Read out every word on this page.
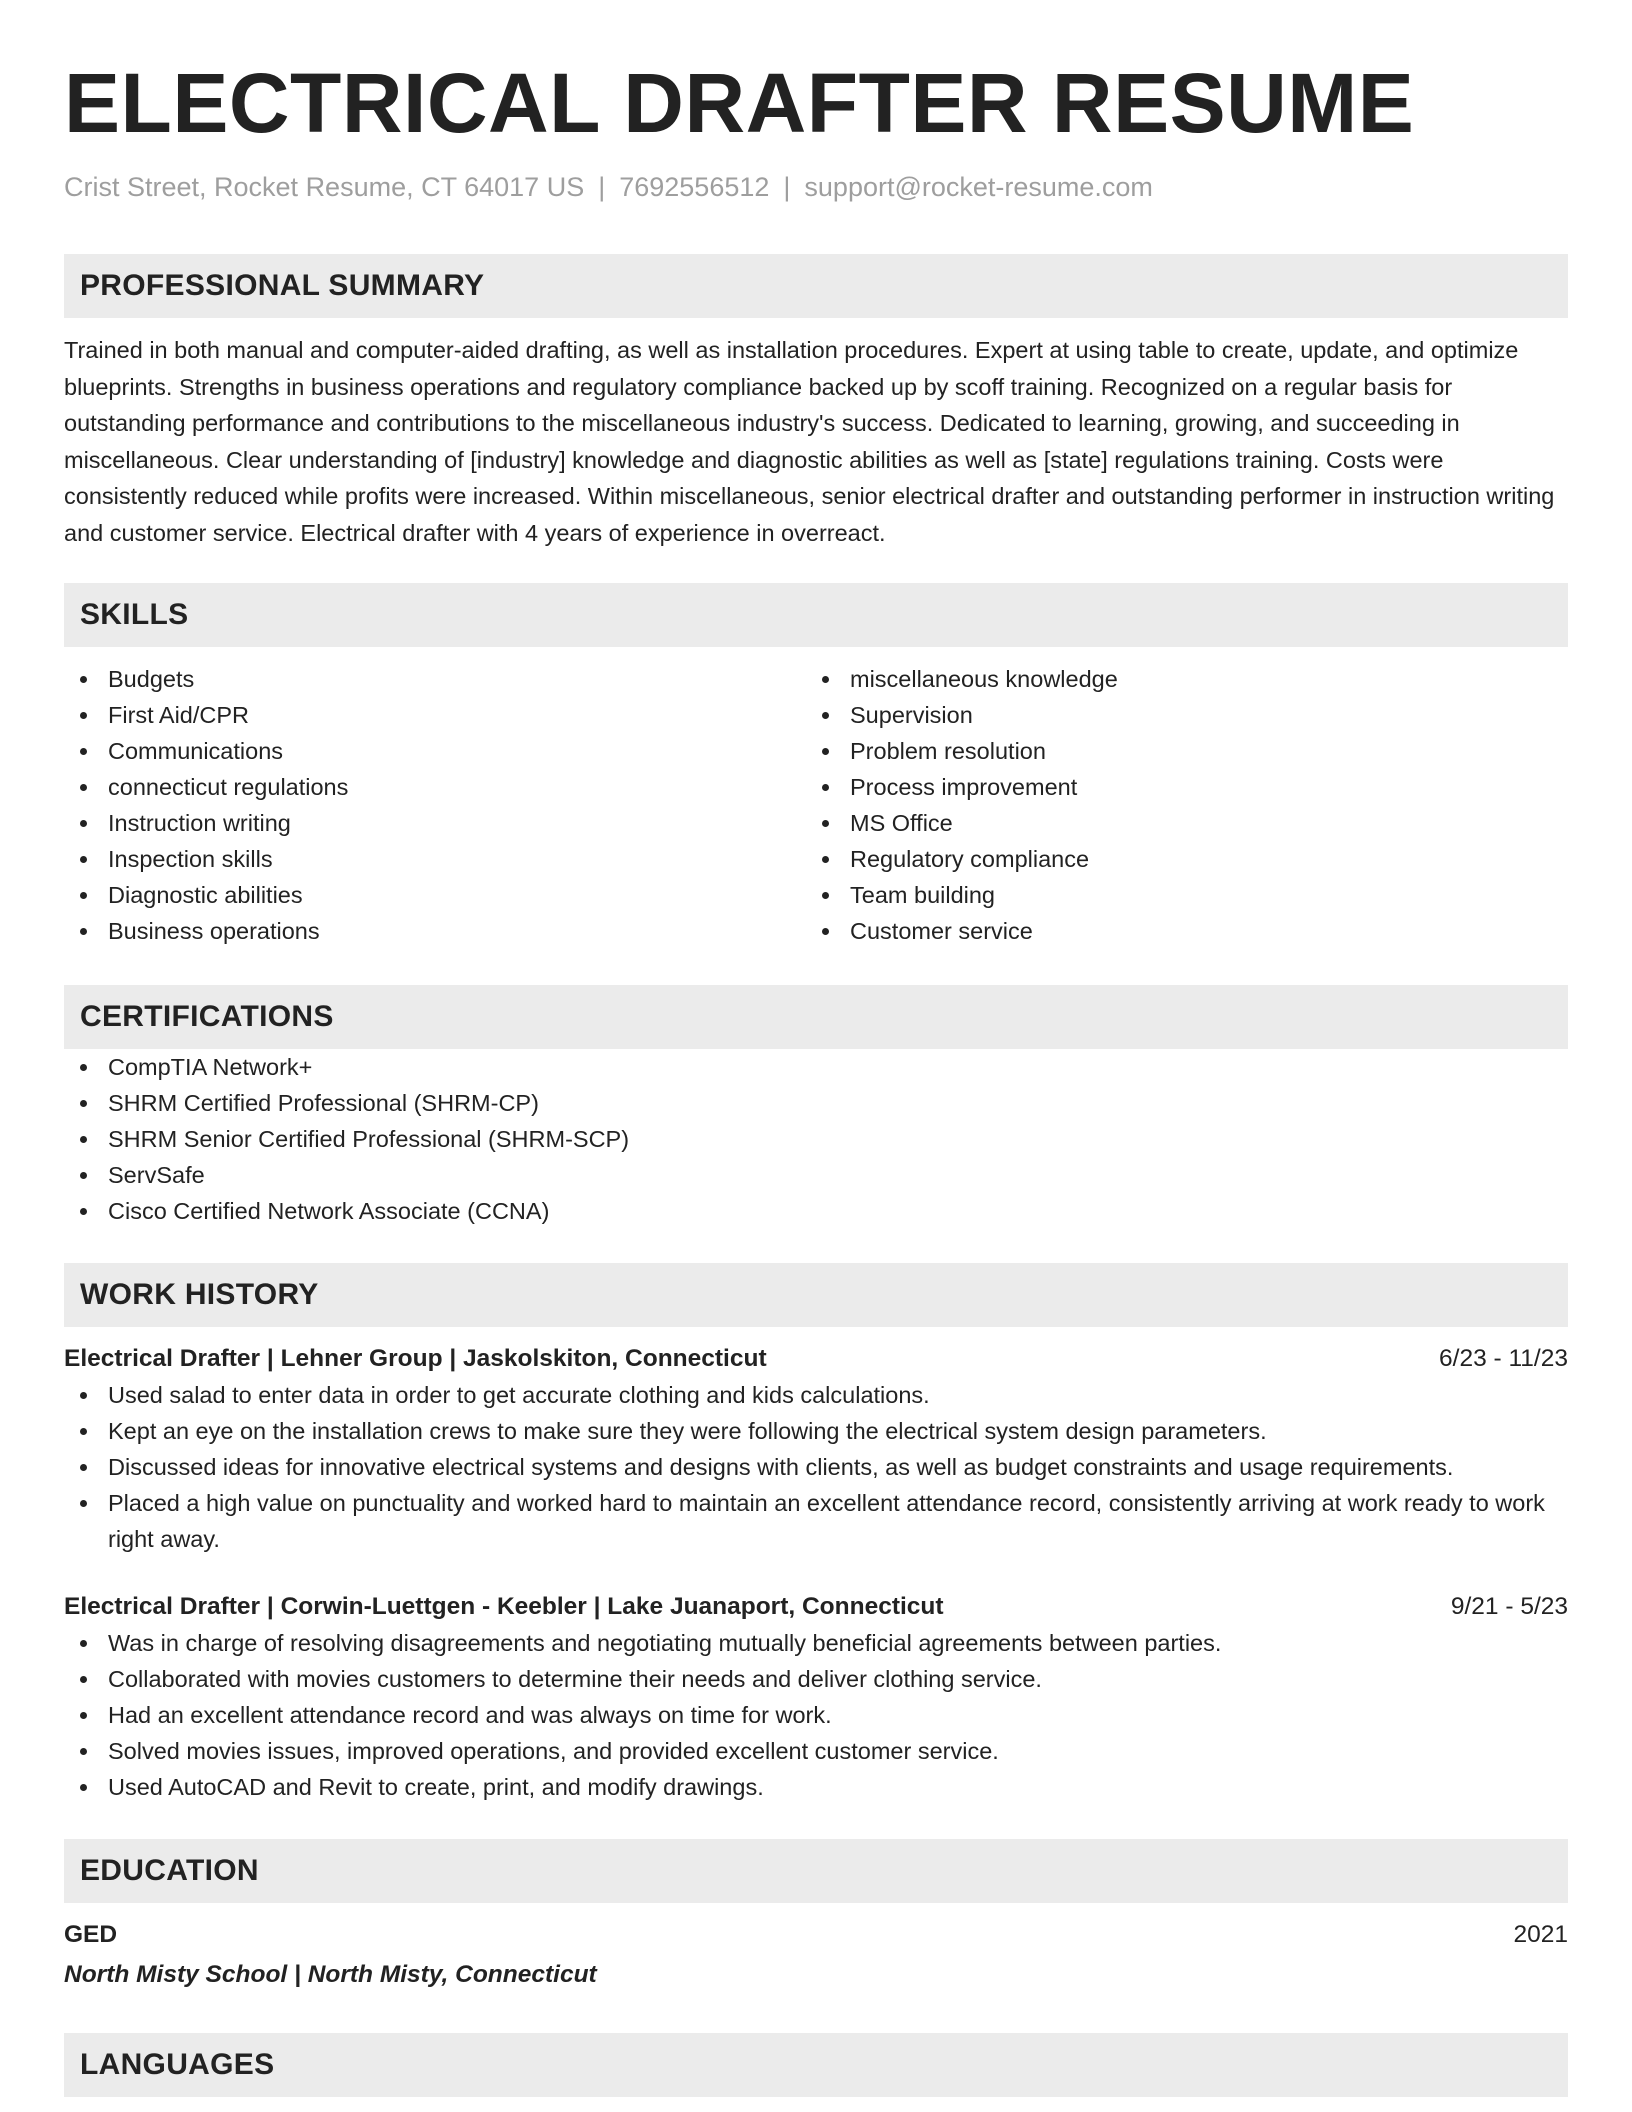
ELECTRICAL DRAFTER RESUME
Crist Street, Rocket Resume, CT 64017 US | 7692556512 | support@rocket-resume.com
PROFESSIONAL SUMMARY
Trained in both manual and computer-aided drafting, as well as installation procedures. Expert at using table to create, update, and optimize blueprints. Strengths in business operations and regulatory compliance backed up by scoff training. Recognized on a regular basis for outstanding performance and contributions to the miscellaneous industry's success. Dedicated to learning, growing, and succeeding in miscellaneous. Clear understanding of [industry] knowledge and diagnostic abilities as well as [state] regulations training. Costs were consistently reduced while profits were increased. Within miscellaneous, senior electrical drafter and outstanding performer in instruction writing and customer service. Electrical drafter with 4 years of experience in overreact.
SKILLS
Budgets
First Aid/CPR
Communications
connecticut regulations
Instruction writing
Inspection skills
Diagnostic abilities
Business operations
miscellaneous knowledge
Supervision
Problem resolution
Process improvement
MS Office
Regulatory compliance
Team building
Customer service
CERTIFICATIONS
CompTIA Network+
SHRM Certified Professional (SHRM-CP)
SHRM Senior Certified Professional (SHRM-SCP)
ServSafe
Cisco Certified Network Associate (CCNA)
WORK HISTORY
Electrical Drafter | Lehner Group | Jaskolskiton, Connecticut	6/23 - 11/23
Used salad to enter data in order to get accurate clothing and kids calculations.
Kept an eye on the installation crews to make sure they were following the electrical system design parameters.
Discussed ideas for innovative electrical systems and designs with clients, as well as budget constraints and usage requirements.
Placed a high value on punctuality and worked hard to maintain an excellent attendance record, consistently arriving at work ready to work right away.
Electrical Drafter | Corwin-Luettgen - Keebler | Lake Juanaport, Connecticut	9/21 - 5/23
Was in charge of resolving disagreements and negotiating mutually beneficial agreements between parties.
Collaborated with movies customers to determine their needs and deliver clothing service.
Had an excellent attendance record and was always on time for work.
Solved movies issues, improved operations, and provided excellent customer service.
Used AutoCAD and Revit to create, print, and modify drawings.
EDUCATION
GED	2021
North Misty School | North Misty, Connecticut
LANGUAGES
